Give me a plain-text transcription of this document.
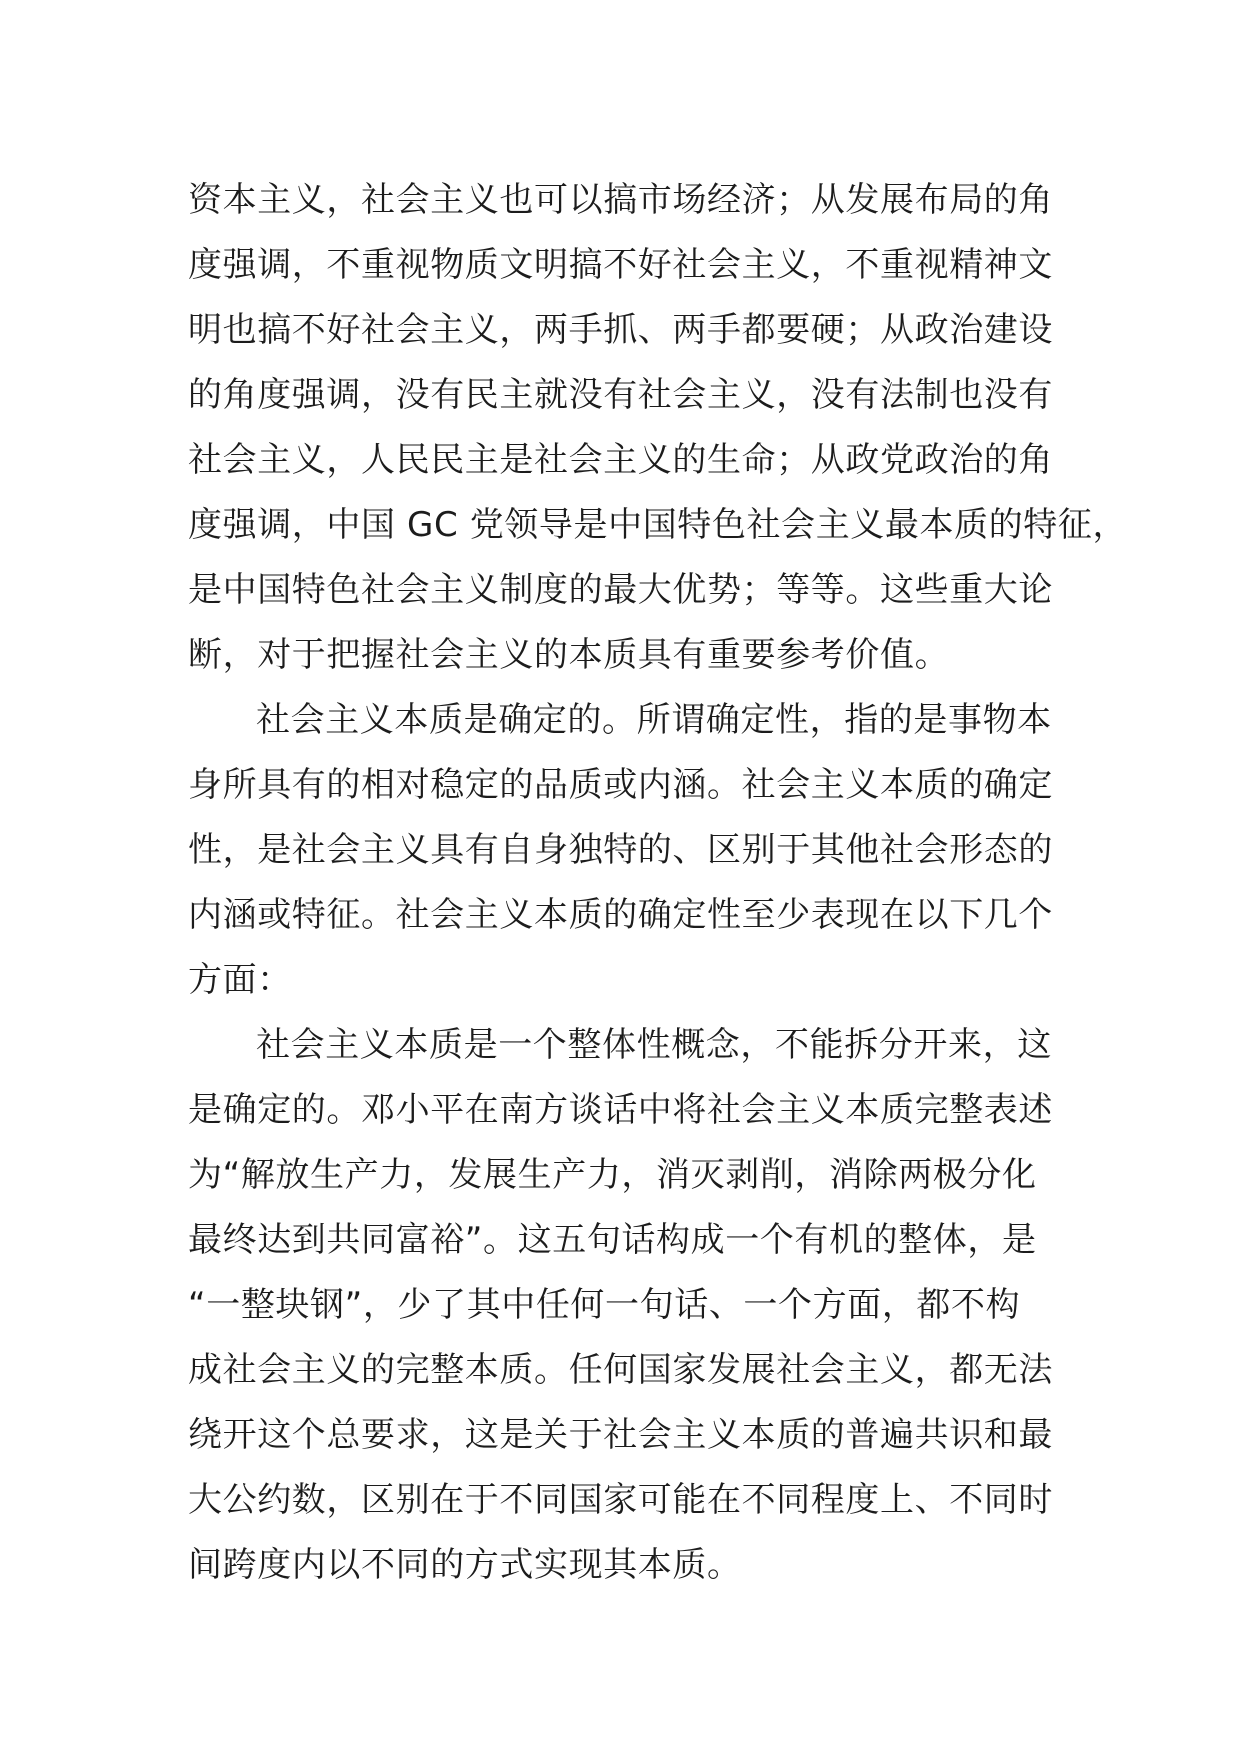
资本主义，社会主义也可以搞市场经济；从发展布局的角
度强调，不重视物质文明搞不好社会主义，不重视精神文
明也搞不好社会主义，两手抓、两手都要硬；从政治建设
的角度强调，没有民主就没有社会主义，没有法制也没有
社会主义，人民民主是社会主义的生命；从政党政治的角
度强调，中国 GC 党领导是中国特色社会主义最本质的特征，
是中国特色社会主义制度的最大优势；等等。这些重大论
断，对于把握社会主义的本质具有重要参考价值。
社会主义本质是确定的。所谓确定性，指的是事物本
身所具有的相对稳定的品质或内涵。社会主义本质的确定
性，是社会主义具有自身独特的、区别于其他社会形态的
内涵或特征。社会主义本质的确定性至少表现在以下几个
方面：
社会主义本质是一个整体性概念，不能拆分开来，这
是确定的。邓小平在南方谈话中将社会主义本质完整表述
为“解放生产力，发展生产力，消灭剥削，消除两极分化
最终达到共同富裕”。这五句话构成一个有机的整体，是
“一整块钢”，少了其中任何一句话、一个方面，都不构
成社会主义的完整本质。任何国家发展社会主义，都无法
绕开这个总要求，这是关于社会主义本质的普遍共识和最
大公约数，区别在于不同国家可能在不同程度上、不同时
间跨度内以不同的方式实现其本质。
